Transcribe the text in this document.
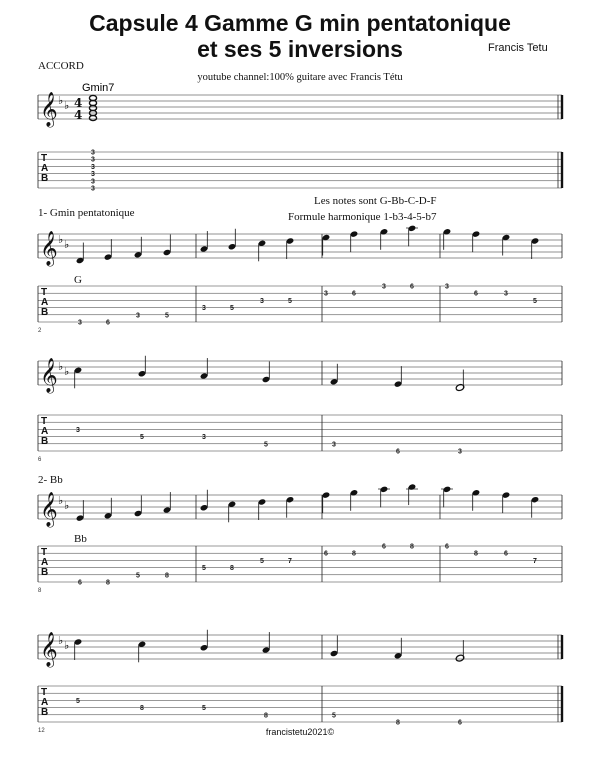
Capsule 4 Gamme G min pentatonique
et ses 5 inversions	Francis Tetu
ACCORD
youtube channel:100% guitare avec Francis Tétu
Gmin7
Les notes sont G-Bb-C-D-F
Formule harmonique 1-b3-4-5-b7
1- Gmin pentatonique
G
2- Bb
Bb
𝄞 ♭ ♭ 4
4
T
A
B
𝄞 ♭ ♭
T
A
B
2
𝄞 ♭ ♭
T
A
B
6
𝄞 ♭ ♭
T
A
B
8
𝄞 ♭ ♭
T
A
B
12
3
3
3
3
3
3
3	6
3	5
3	5
3	5
3	6
3	6	3
6	3
5
3
5	3
5	3
6	3
6	8
5	8
5	8
5	7
6	8
6	8	6
8	6
7
5
8	5
8	5
8	6
francistetu2021©
